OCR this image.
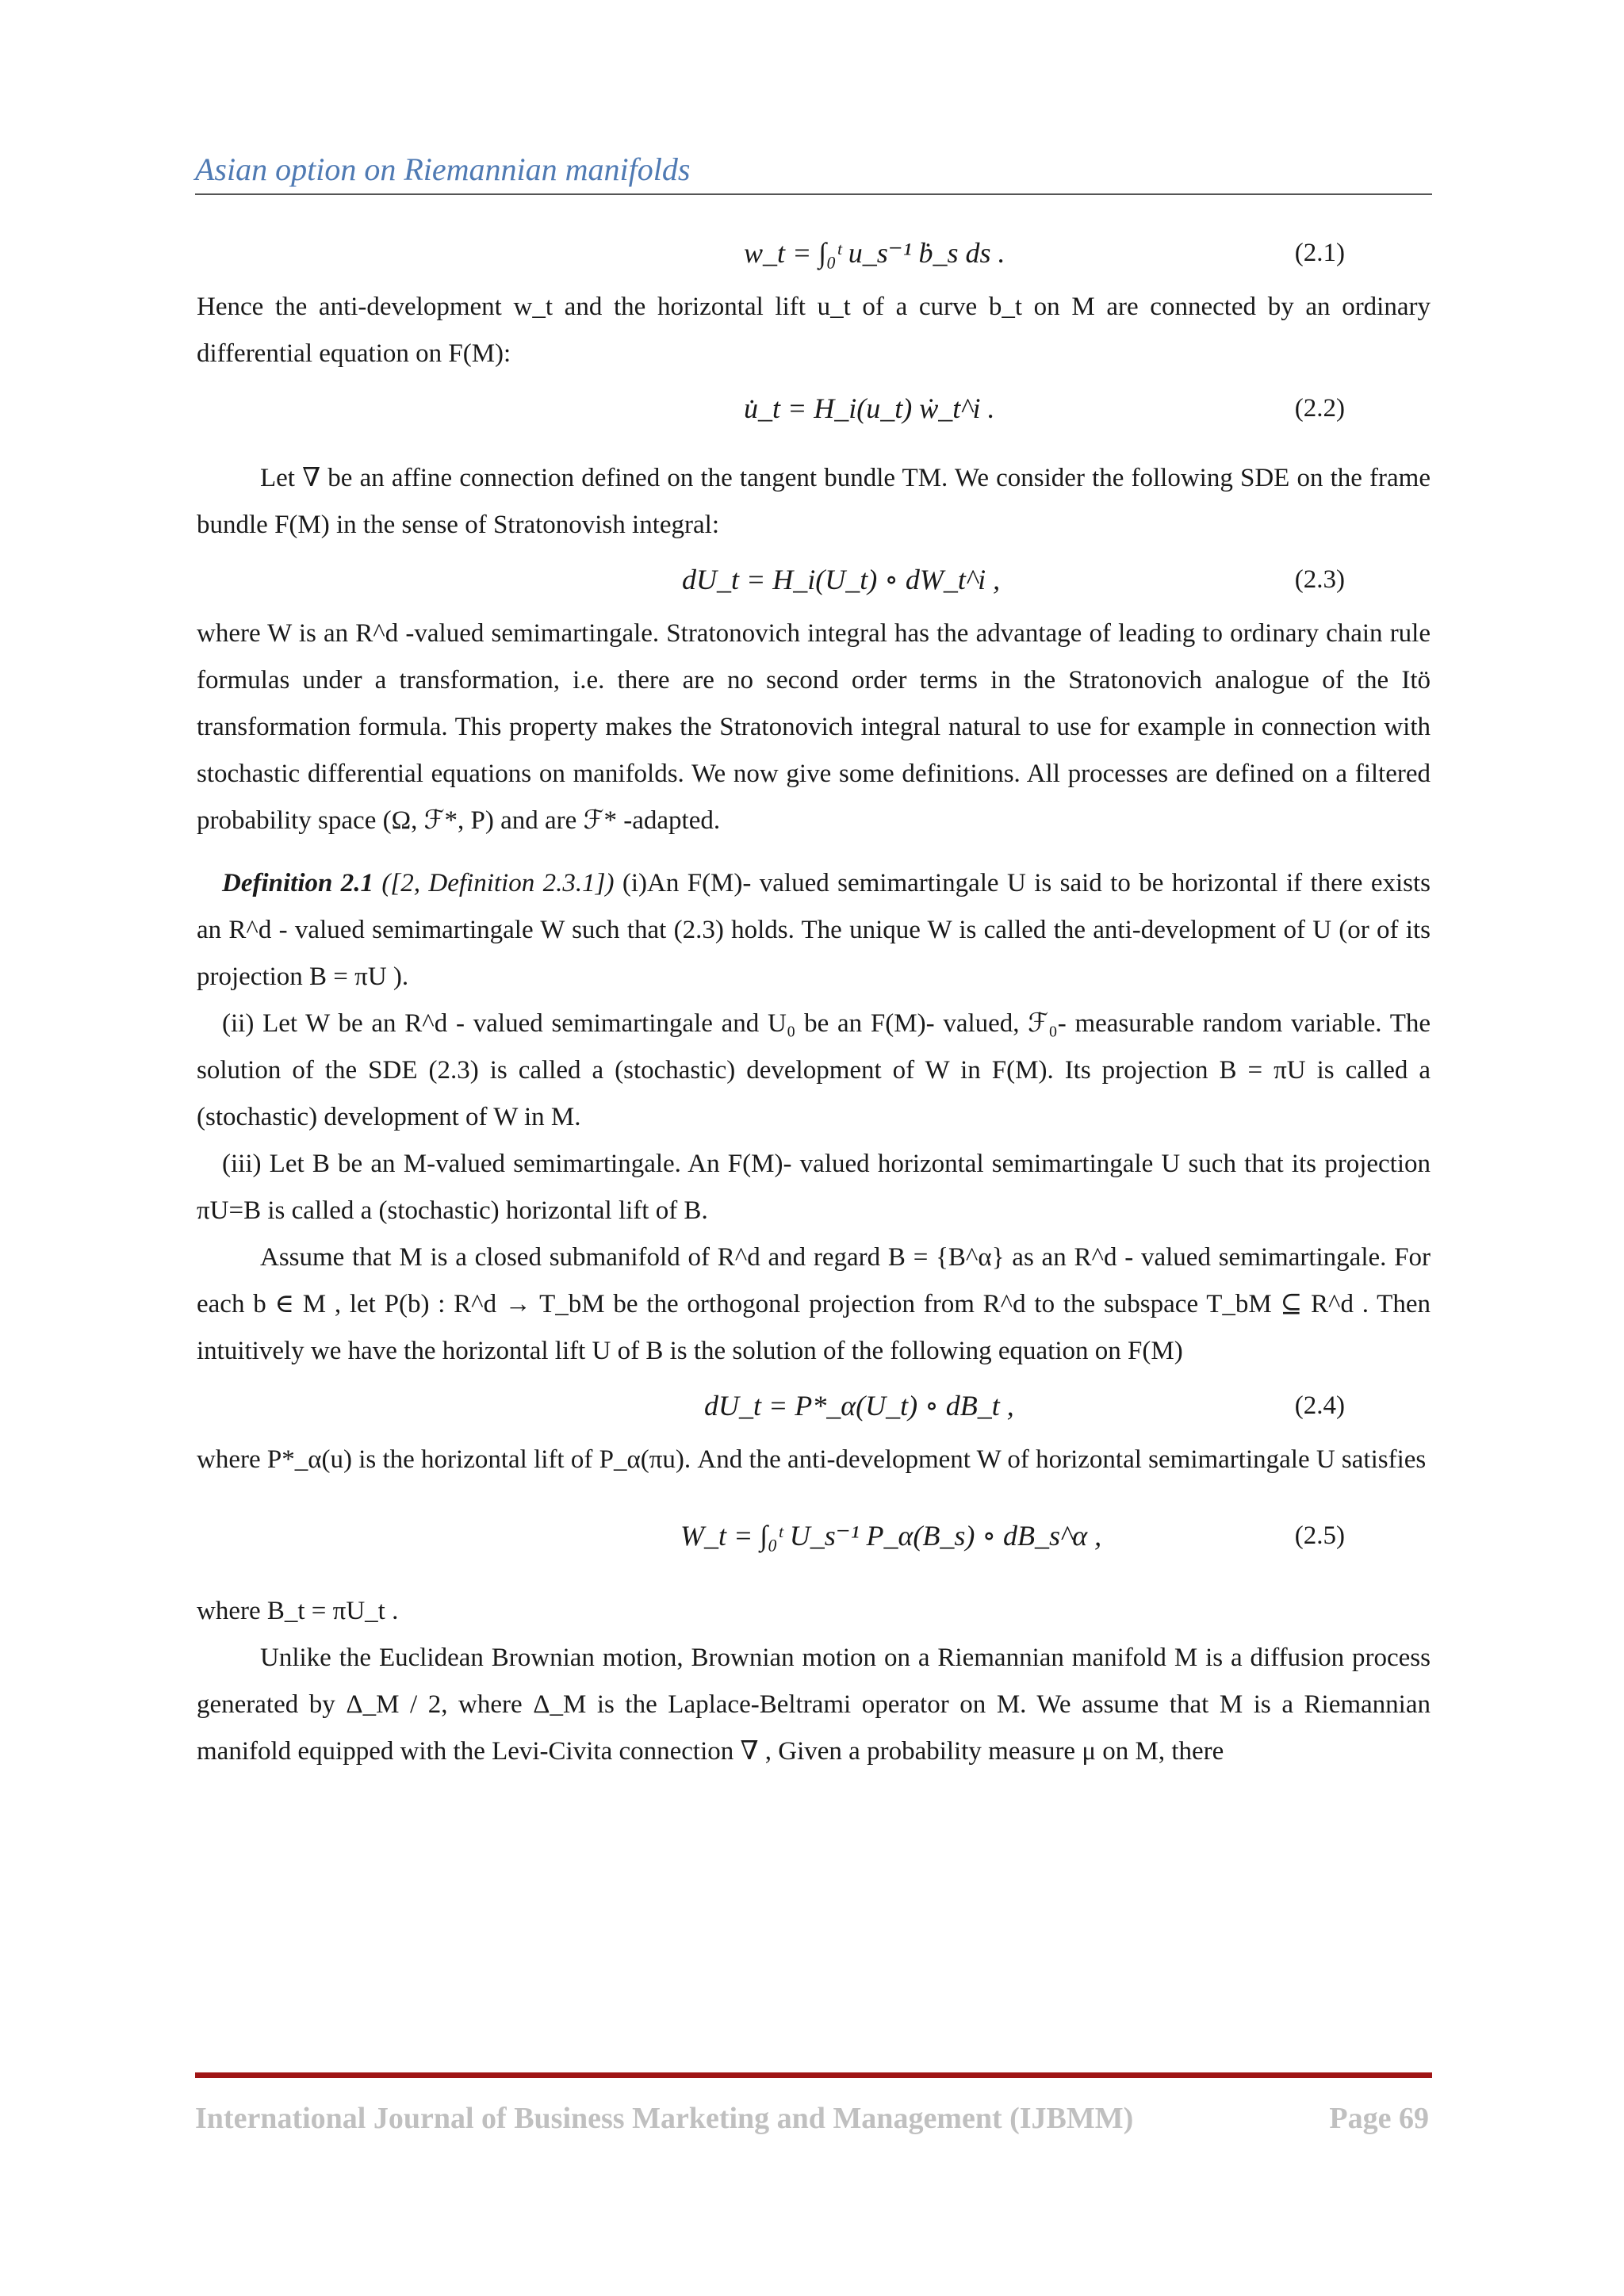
Asian option on Riemannian manifolds
w_t = ∫₀ᵗ u_s⁻¹ ḃ_s ds .	(2.1)

Hence the anti-development w_t and the horizontal lift u_t of a curve b_t on M are connected by an ordinary differential equation on F(M):

u̇_t = H_i(u_t) ẇ_t^i .	(2.2)

Let ∇ be an affine connection defined on the tangent bundle TM. We consider the following SDE on the frame bundle F(M) in the sense of Stratonovish integral:

dU_t = H_i(U_t) ∘ dW_t^i ,	(2.3)

where W is an R^d -valued semimartingale. Stratonovich integral has the advantage of leading to ordinary chain rule formulas under a transformation, i.e. there are no second order terms in the Stratonovich analogue of the Itö transformation formula. This property makes the Stratonovich integral natural to use for example in connection with stochastic differential equations on manifolds. We now give some definitions. All processes are defined on a filtered probability space (Ω, ℱ*, P) and are ℱ* -adapted.

Definition 2.1 ([2, Definition 2.3.1]) (i)An F(M)- valued semimartingale U is said to be horizontal if there exists an R^d - valued semimartingale W such that (2.3) holds. The unique W is called the anti-development of U (or of its projection B = πU ).

(ii) Let W be an R^d - valued semimartingale and U₀ be an F(M)- valued, ℱ₀- measurable random variable. The solution of the SDE (2.3) is called a (stochastic) development of W in F(M). Its projection B = πU is called a (stochastic) development of W in M.

(iii) Let B be an M-valued semimartingale. An F(M)- valued horizontal semimartingale U such that its projection πU=B is called a (stochastic) horizontal lift of B.

Assume that M is a closed submanifold of R^d and regard B = {B^α} as an R^d - valued semimartingale. For each b ∈ M , let P(b) : R^d → T_bM be the orthogonal projection from R^d to the subspace T_bM ⊆ R^d . Then intuitively we have the horizontal lift U of B is the solution of the following equation on F(M)

dU_t = P*_α(U_t) ∘ dB_t ,	(2.4)

where P*_α(u) is the horizontal lift of P_α(πu). And the anti-development W of horizontal semimartingale U satisfies

W_t = ∫₀ᵗ U_s⁻¹ P_α(B_s) ∘ dB_s^α ,	(2.5)

where B_t = πU_t .

Unlike the Euclidean Brownian motion, Brownian motion on a Riemannian manifold M is a diffusion process generated by Δ_M / 2, where Δ_M is the Laplace-Beltrami operator on M. We assume that M is a Riemannian manifold equipped with the Levi-Civita connection ∇ , Given a probability measure μ on M, there

International Journal of Business Marketing and Management (IJBMM)	Page 69
